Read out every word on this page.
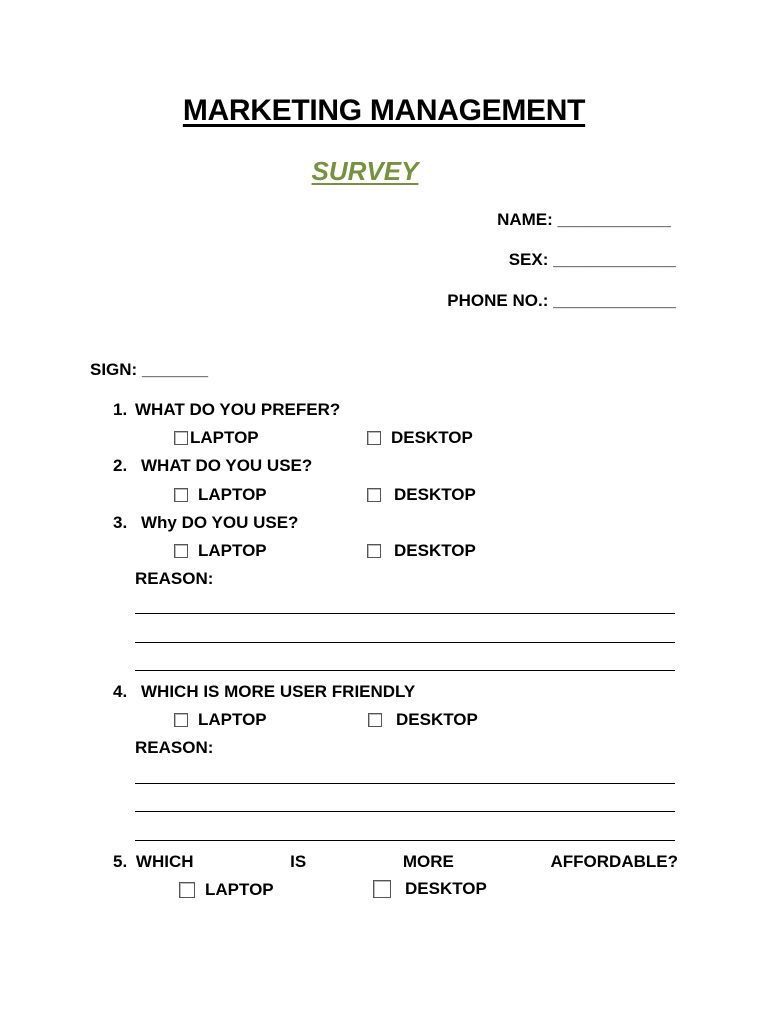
MARKETING MANAGEMENT
SURVEY
NAME: ____________
SEX: _____________
PHONE NO.: _____________
SIGN: _______
1. WHAT DO YOU PREFER?
LAPTOP	DESKTOP
2. WHAT DO YOU USE?
LAPTOP	DESKTOP
3. Why DO YOU USE?
LAPTOP	DESKTOP
REASON:
4. WHICH IS MORE USER FRIENDLY
LAPTOP	DESKTOP
REASON:
5. WHICH	IS	MORE	AFFORDABLE?
LAPTOP	DESKTOP
